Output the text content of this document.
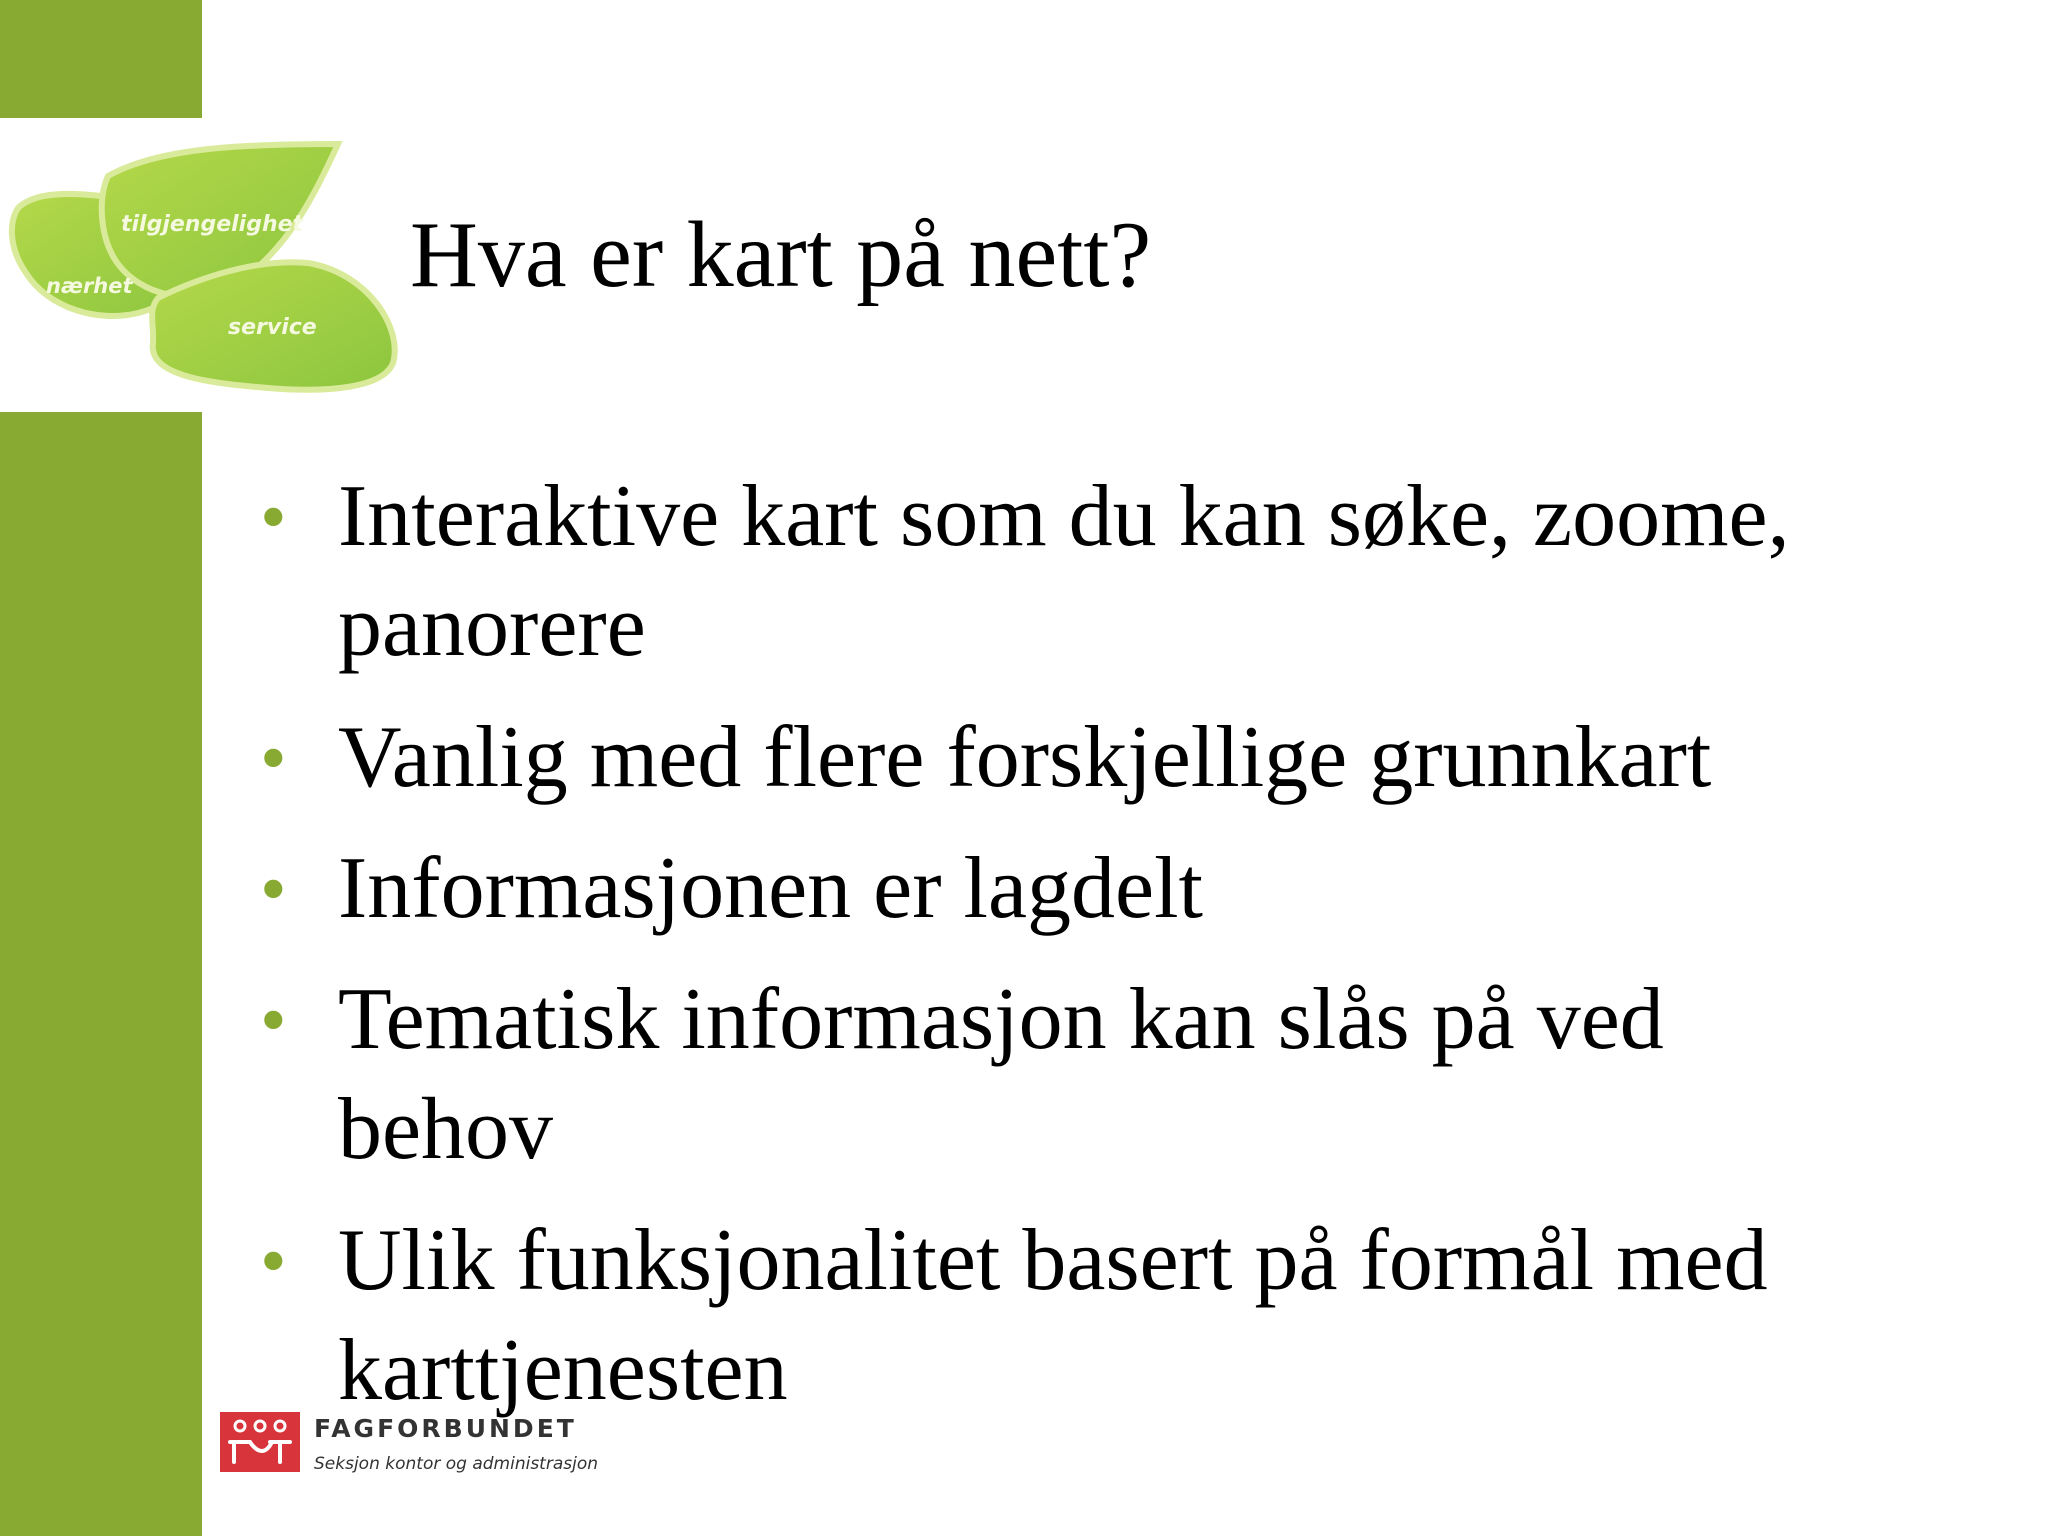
tilgjengelighet
nærhet
service
Hva er kart på nett?
• Interaktive kart som du kan søke, zoome, panorere
• Vanlig med flere forskjellige grunnkart
• Informasjonen er lagdelt
• Tematisk informasjon kan slås på ved behov
• Ulik funksjonalitet basert på formål med karttjenesten
FAGFORBUNDET
Seksjon kontor og administrasjon
